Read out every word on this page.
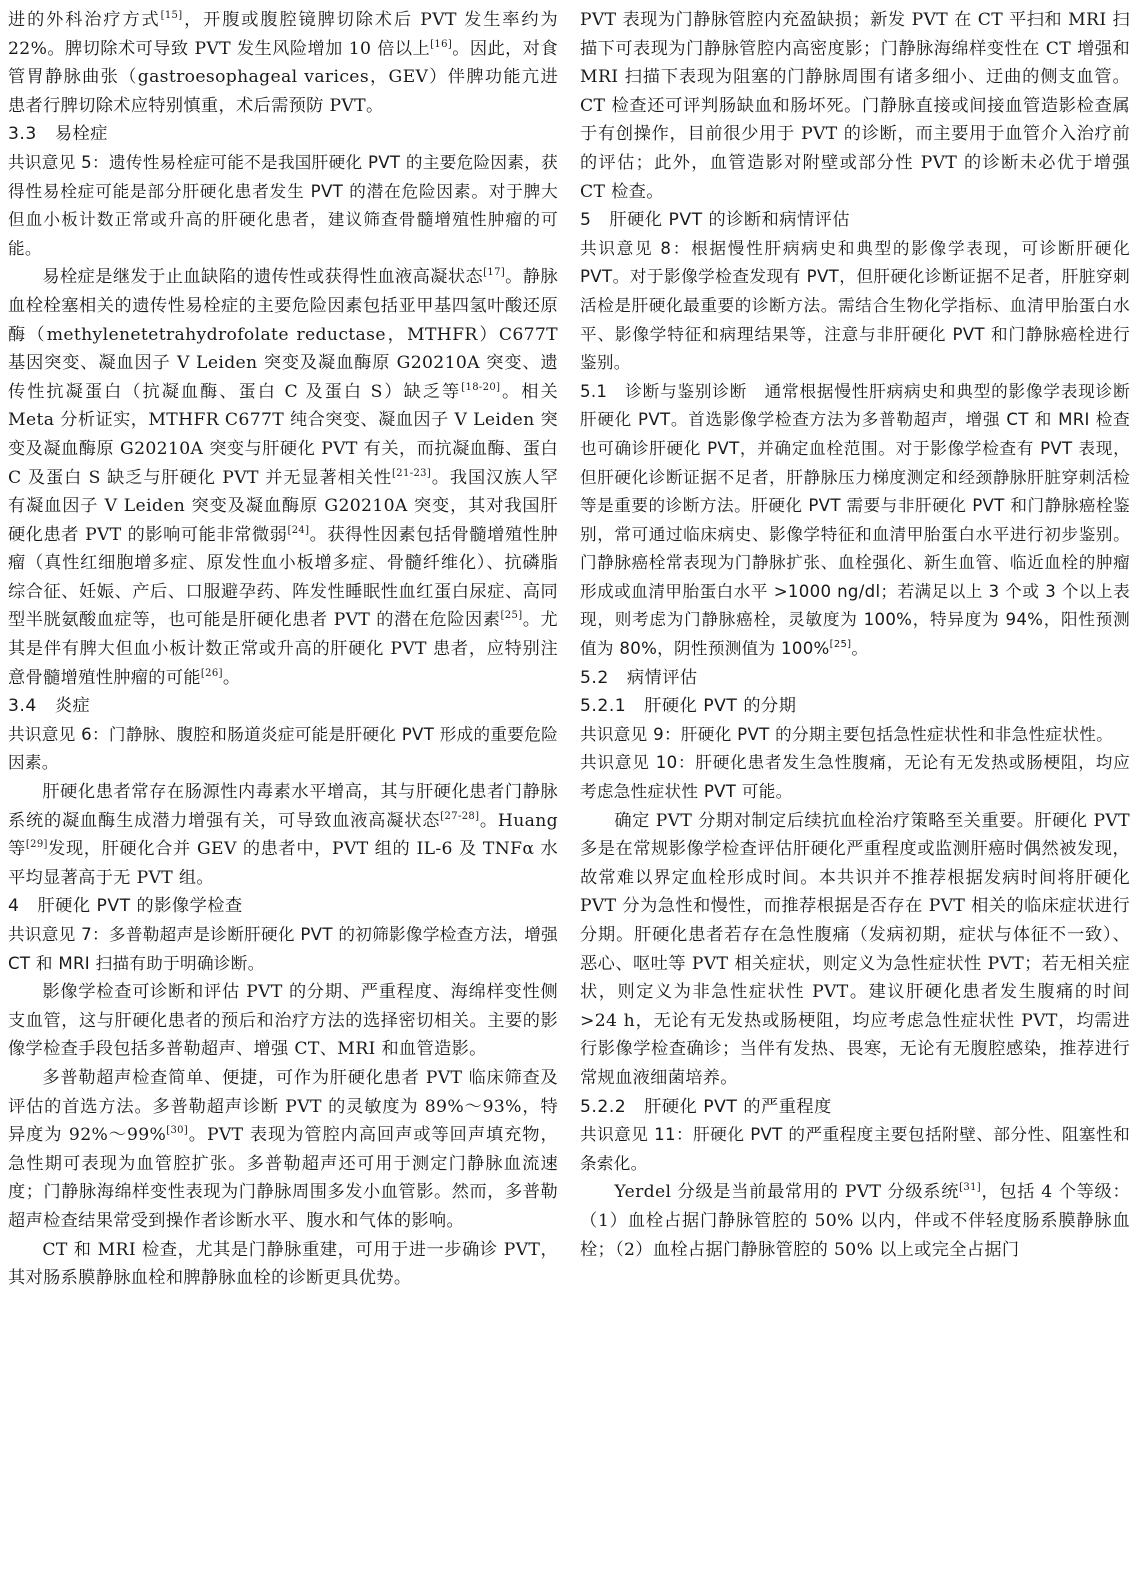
进的外科治疗方式[15]，开腹或腹腔镜脾切除术后 PVT 发生率约为 22%。脾切除术可导致 PVT 发生风险增加 10 倍以上[16]。因此，对食管胃静脉曲张（gastroesophageal varices，GEV）伴脾功能亢进患者行脾切除术应特别慎重，术后需预防 PVT。

3.3 易栓症

共识意见 5：遗传性易栓症可能不是我国肝硬化 PVT 的主要危险因素，获得性易栓症可能是部分肝硬化患者发生 PVT 的潜在危险因素。对于脾大但血小板计数正常或升高的肝硬化患者，建议筛查骨髓增殖性肿瘤的可能。

易栓症是继发于止血缺陷的遗传性或获得性血液高凝状态[17]。静脉血栓栓塞相关的遗传性易栓症的主要危险因素包括亚甲基四氢叶酸还原酶（methylenetetrahydrofolate reductase，MTHFR）C677T 基因突变、凝血因子 V Leiden 突变及凝血酶原 G20210A 突变、遗传性抗凝蛋白（抗凝血酶、蛋白 C 及蛋白 S）缺乏等[18-20]。相关 Meta 分析证实，MTHFR C677T 纯合突变、凝血因子 V Leiden 突变及凝血酶原 G20210A 突变与肝硬化 PVT 有关，而抗凝血酶、蛋白 C 及蛋白 S 缺乏与肝硬化 PVT 并无显著相关性[21-23]。我国汉族人罕有凝血因子 V Leiden 突变及凝血酶原 G20210A 突变，其对我国肝硬化患者 PVT 的影响可能非常微弱[24]。获得性因素包括骨髓增殖性肿瘤（真性红细胞增多症、原发性血小板增多症、骨髓纤维化）、抗磷脂综合征、妊娠、产后、口服避孕药、阵发性睡眠性血红蛋白尿症、高同型半胱氨酸血症等，也可能是肝硬化患者 PVT 的潜在危险因素[25]。尤其是伴有脾大但血小板计数正常或升高的肝硬化 PVT 患者，应特别注意骨髓增殖性肿瘤的可能[26]。

3.4 炎症

共识意见 6：门静脉、腹腔和肠道炎症可能是肝硬化 PVT 形成的重要危险因素。

肝硬化患者常存在肠源性内毒素水平增高，其与肝硬化患者门静脉系统的凝血酶生成潜力增强有关，可导致血液高凝状态[27-28]。Huang 等[29]发现，肝硬化合并 GEV 的患者中，PVT 组的 IL-6 及 TNFα 水平均显著高于无 PVT 组。

4 肝硬化 PVT 的影像学检查

共识意见 7：多普勒超声是诊断肝硬化 PVT 的初筛影像学检查方法，增强 CT 和 MRI 扫描有助于明确诊断。

影像学检查可诊断和评估 PVT 的分期、严重程度、海绵样变性侧支血管，这与肝硬化患者的预后和治疗方法的选择密切相关。主要的影像学检查手段包括多普勒超声、增强 CT、MRI 和血管造影。

多普勒超声检查简单、便捷，可作为肝硬化患者 PVT 临床筛查及评估的首选方法。多普勒超声诊断 PVT 的灵敏度为 89%～93%，特异度为 92%～99%[30]。PVT 表现为管腔内高回声或等回声填充物，急性期可表现为血管腔扩张。多普勒超声还可用于测定门静脉血流速度；门静脉海绵样变性表现为门静脉周围多发小血管影。然而，多普勒超声检查结果常受到操作者诊断水平、腹水和气体的影响。

CT 和 MRI 检查，尤其是门静脉重建，可用于进一步确诊 PVT，其对肠系膜静脉血栓和脾静脉血栓的诊断更具优势。

PVT 表现为门静脉管腔内充盈缺损；新发 PVT 在 CT 平扫和 MRI 扫描下可表现为门静脉管腔内高密度影；门静脉海绵样变性在 CT 增强和 MRI 扫描下表现为阻塞的门静脉周围有诸多细小、迂曲的侧支血管。CT 检查还可评判肠缺血和肠坏死。门静脉直接或间接血管造影检查属于有创操作，目前很少用于 PVT 的诊断，而主要用于血管介入治疗前的评估；此外，血管造影对附壁或部分性 PVT 的诊断未必优于增强 CT 检查。

5 肝硬化 PVT 的诊断和病情评估

共识意见 8：根据慢性肝病病史和典型的影像学表现，可诊断肝硬化 PVT。对于影像学检查发现有 PVT，但肝硬化诊断证据不足者，肝脏穿刺活检是肝硬化最重要的诊断方法。需结合生物化学指标、血清甲胎蛋白水平、影像学特征和病理结果等，注意与非肝硬化 PVT 和门静脉癌栓进行鉴别。

5.1　诊断与鉴别诊断　通常根据慢性肝病病史和典型的影像学表现诊断肝硬化 PVT。首选影像学检查方法为多普勒超声，增强 CT 和 MRI 检查也可确诊肝硬化 PVT，并确定血栓范围。对于影像学检查有 PVT 表现，但肝硬化诊断证据不足者，肝静脉压力梯度测定和经颈静脉肝脏穿刺活检等是重要的诊断方法。肝硬化 PVT 需要与非肝硬化 PVT 和门静脉癌栓鉴别，常可通过临床病史、影像学特征和血清甲胎蛋白水平进行初步鉴别。门静脉癌栓常表现为门静脉扩张、血栓强化、新生血管、临近血栓的肿瘤形成或血清甲胎蛋白水平 >1000 ng/dl；若满足以上 3 个或 3 个以上表现，则考虑为门静脉癌栓，灵敏度为 100%，特异度为 94%，阳性预测值为 80%，阴性预测值为 100%[25]。

5.2 病情评估
5.2.1 肝硬化 PVT 的分期

共识意见 9：肝硬化 PVT 的分期主要包括急性症状性和非急性症状性。

共识意见 10：肝硬化患者发生急性腹痛，无论有无发热或肠梗阻，均应考虑急性症状性 PVT 可能。

确定 PVT 分期对制定后续抗血栓治疗策略至关重要。肝硬化 PVT 多是在常规影像学检查评估肝硬化严重程度或监测肝癌时偶然被发现，故常难以界定血栓形成时间。本共识并不推荐根据发病时间将肝硬化 PVT 分为急性和慢性，而推荐根据是否存在 PVT 相关的临床症状进行分期。肝硬化患者若存在急性腹痛（发病初期，症状与体征不一致）、恶心、呕吐等 PVT 相关症状，则定义为急性症状性 PVT；若无相关症状，则定义为非急性症状性 PVT。建议肝硬化患者发生腹痛的时间 >24 h，无论有无发热或肠梗阻，均应考虑急性症状性 PVT，均需进行影像学检查确诊；当伴有发热、畏寒，无论有无腹腔感染，推荐进行常规血液细菌培养。

5.2.2 肝硬化 PVT 的严重程度

共识意见 11：肝硬化 PVT 的严重程度主要包括附壁、部分性、阻塞性和条索化。

Yerdel 分级是当前最常用的 PVT 分级系统[31]，包括 4 个等级：（1）血栓占据门静脉管腔的 50% 以内，伴或不伴轻度肠系膜静脉血栓；（2）血栓占据门静脉管腔的 50% 以上或完全占据门
